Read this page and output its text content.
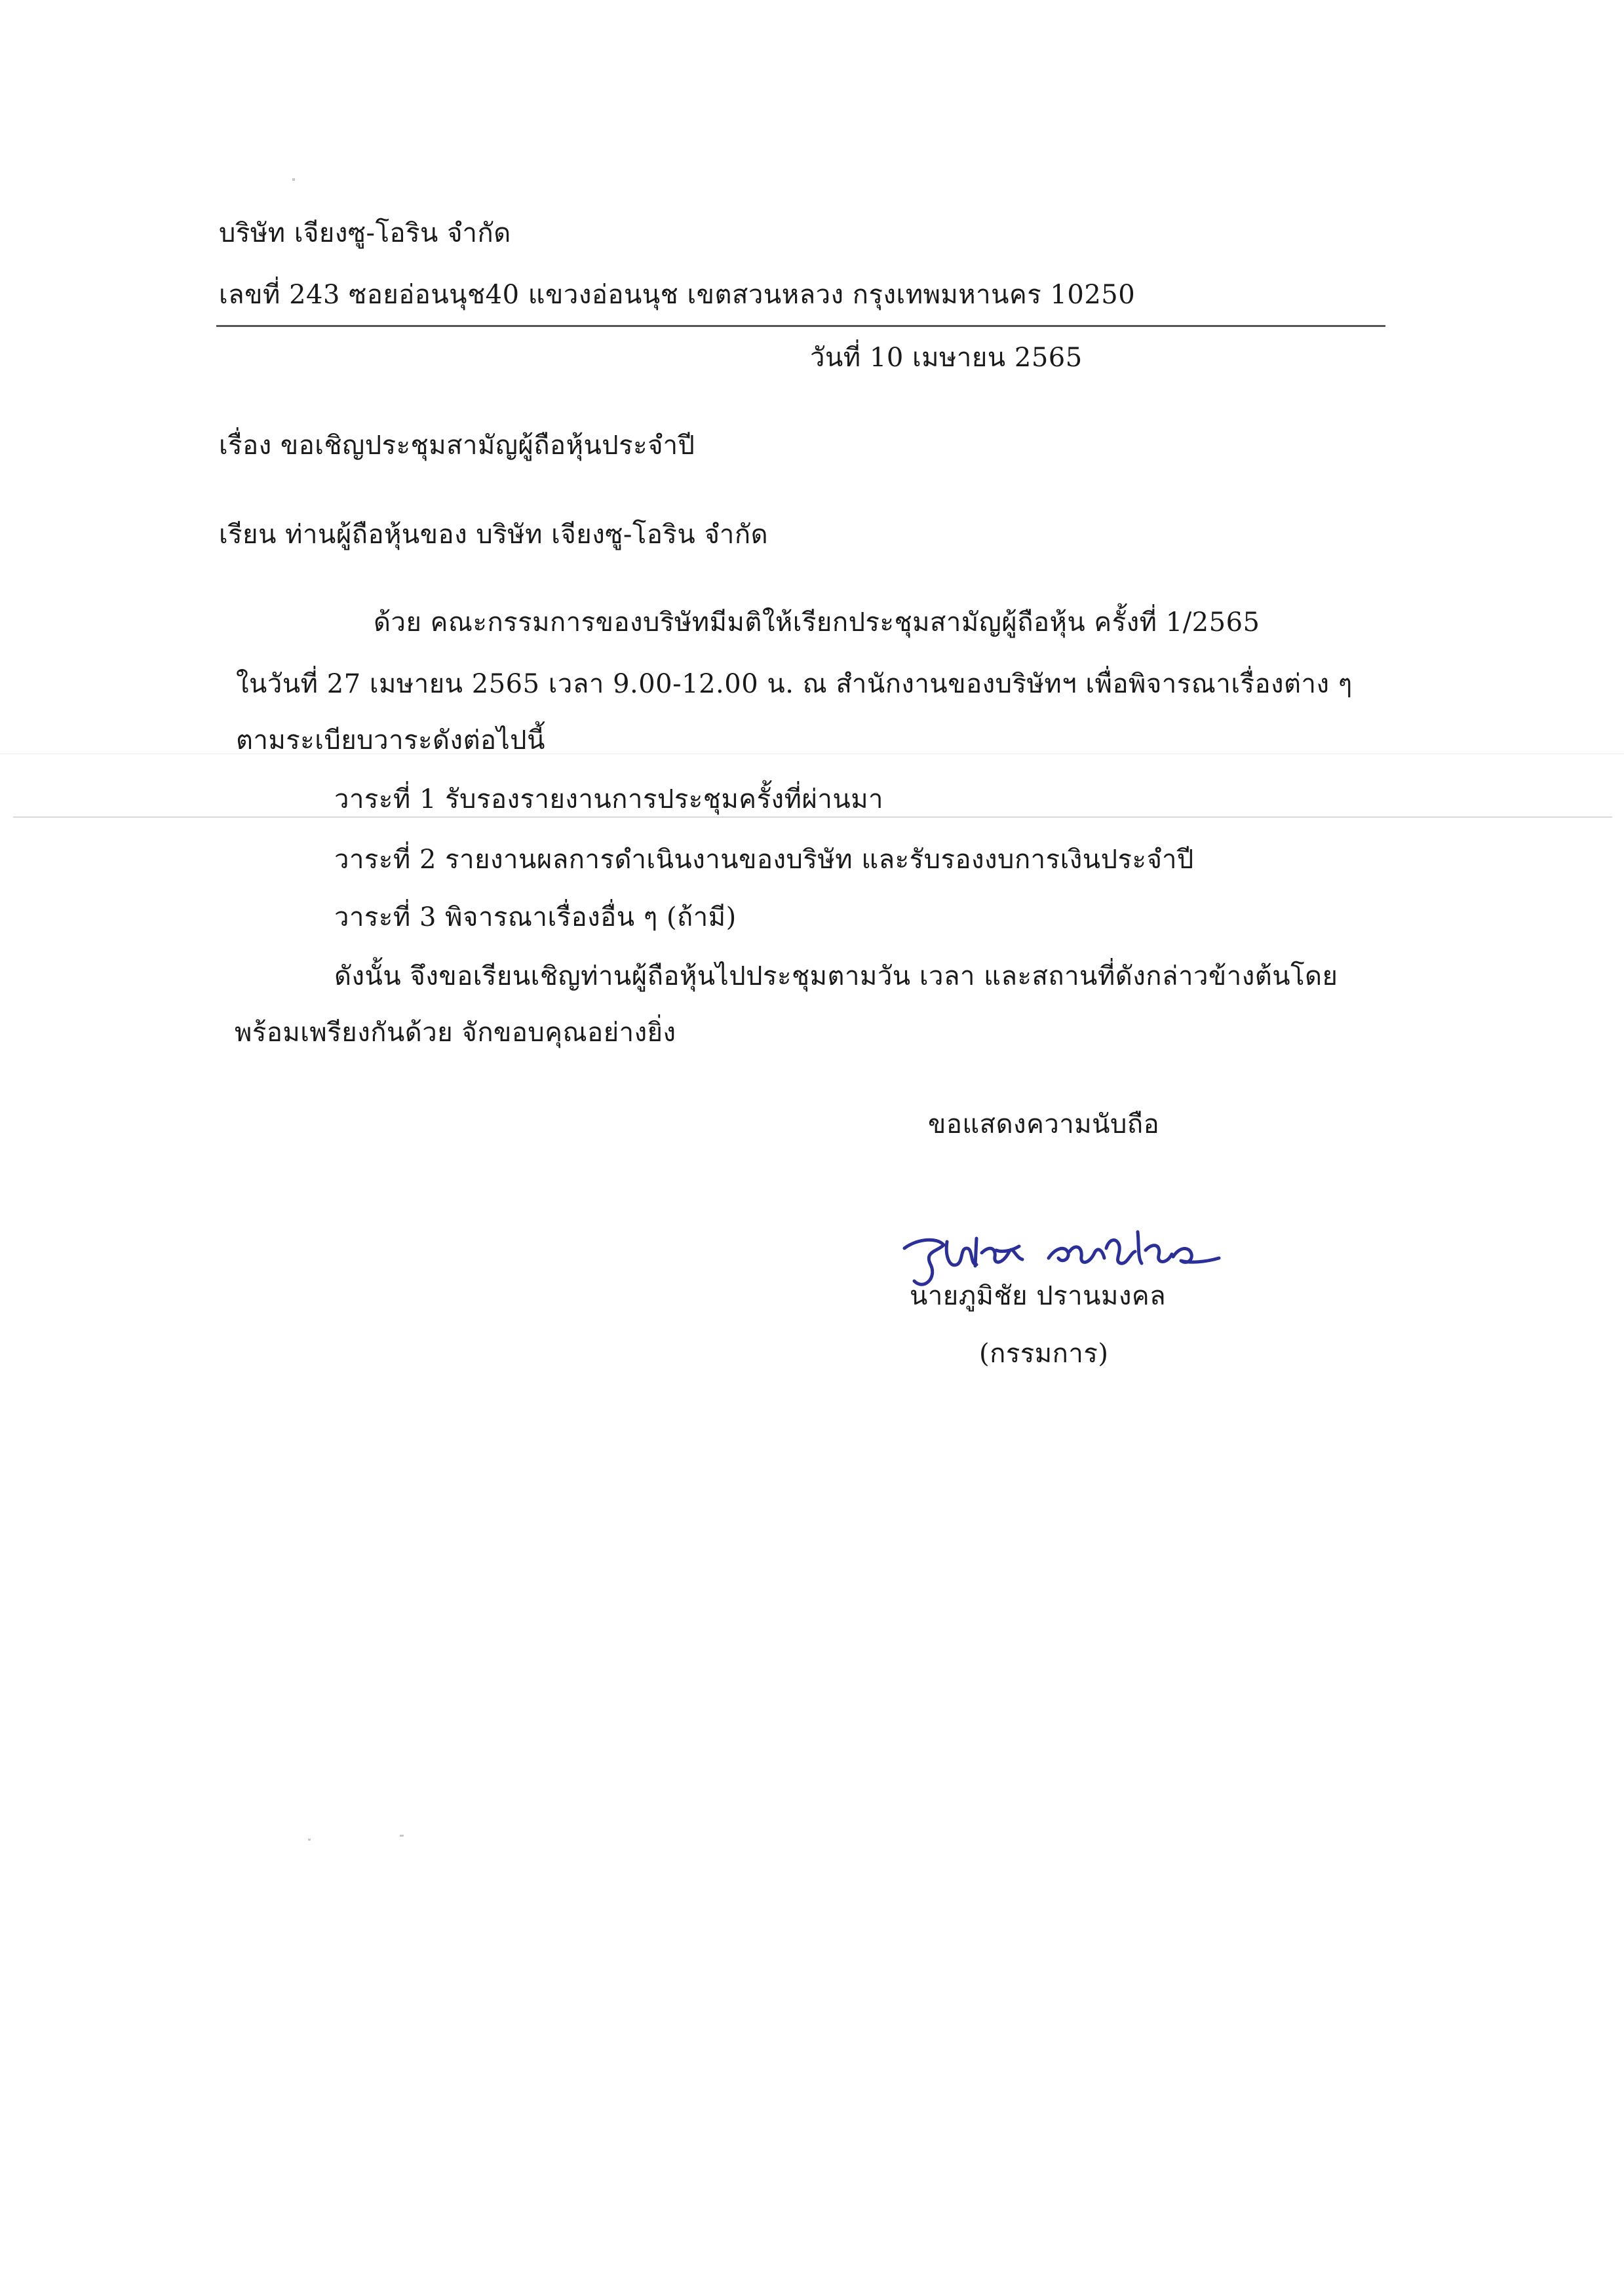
บริษัท เจียงซู-โอริน จำกัด
เลขที่ 243 ซอยอ่อนนุช40 แขวงอ่อนนุช เขตสวนหลวง กรุงเทพมหานคร 10250
วันที่ 10 เมษายน 2565
เรื่อง ขอเชิญประชุมสามัญผู้ถือหุ้นประจำปี
เรียน ท่านผู้ถือหุ้นของ บริษัท เจียงซู-โอริน จำกัด
ด้วย คณะกรรมการของบริษัทมีมติให้เรียกประชุมสามัญผู้ถือหุ้น ครั้งที่ 1/2565
ในวันที่ 27 เมษายน 2565 เวลา 9.00-12.00 น. ณ สำนักงานของบริษัทฯ เพื่อพิจารณาเรื่องต่าง ๆ
ตามระเบียบวาระดังต่อไปนี้
วาระที่ 1 รับรองรายงานการประชุมครั้งที่ผ่านมา
วาระที่ 2 รายงานผลการดำเนินงานของบริษัท และรับรองงบการเงินประจำปี
วาระที่ 3 พิจารณาเรื่องอื่น ๆ (ถ้ามี)
ดังนั้น จึงขอเรียนเชิญท่านผู้ถือหุ้นไปประชุมตามวัน เวลา และสถานที่ดังกล่าวข้างต้นโดย
พร้อมเพรียงกันด้วย จักขอบคุณอย่างยิ่ง
ขอแสดงความนับถือ
นายภูมิชัย ปรานมงคล
(กรรมการ)
